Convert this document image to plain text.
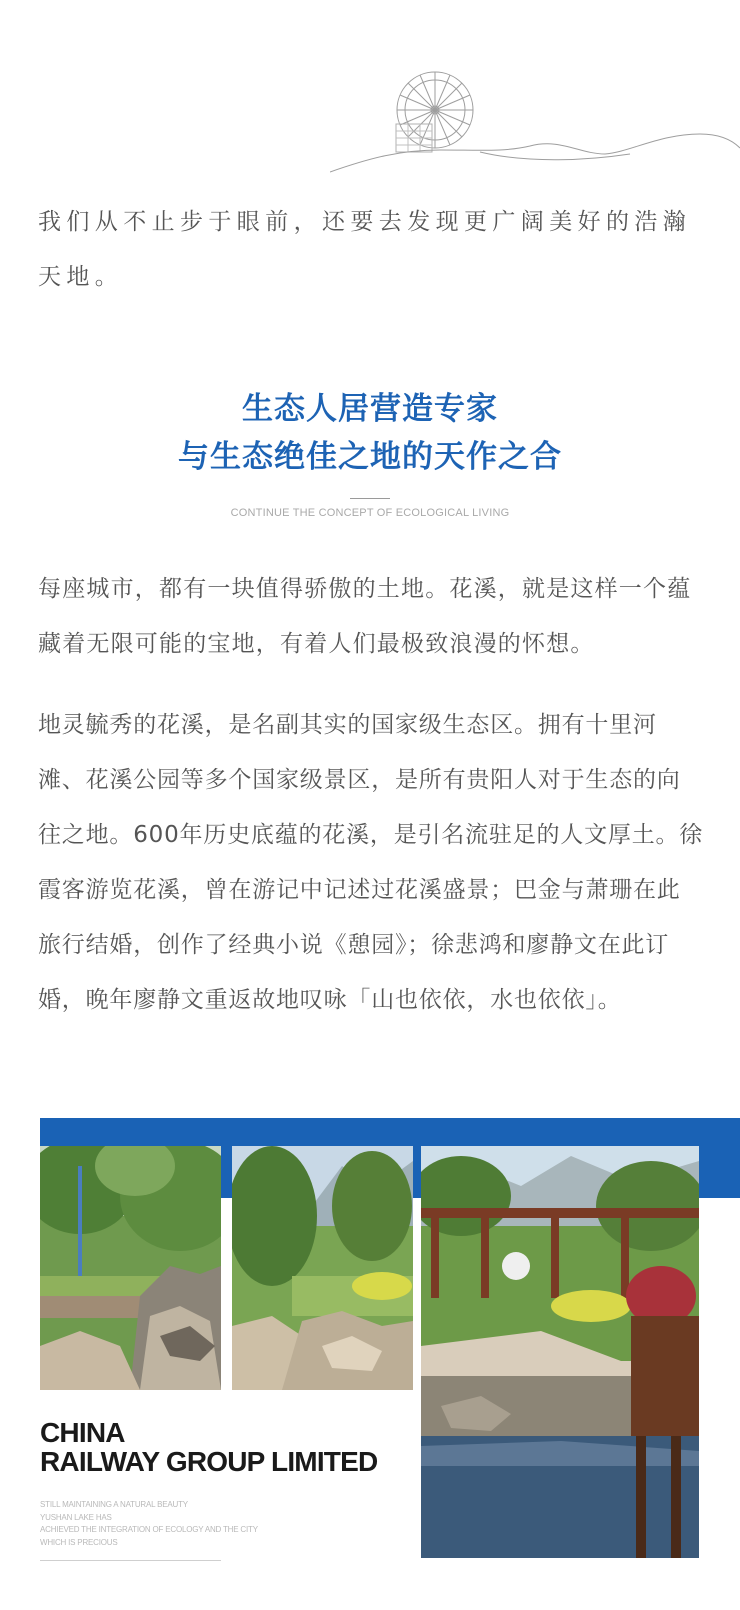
我们从不止步于眼前，还要去发现更广阔美好的浩瀚天地。
生态人居营造专家
与生态绝佳之地的天作之合
CONTINUE THE CONCEPT OF ECOLOGICAL LIVING
每座城市，都有一块值得骄傲的土地。花溪，就是这样一个蕴藏着无限可能的宝地，有着人们最极致浪漫的怀想。
地灵毓秀的花溪，是名副其实的国家级生态区。拥有十里河滩、花溪公园等多个国家级景区，是所有贵阳人对于生态的向往之地。600年历史底蕴的花溪，是引名流驻足的人文厚土。徐霞客游览花溪，曾在游记中记述过花溪盛景；巴金与萧珊在此旅行结婚，创作了经典小说《憩园》；徐悲鸿和廖静文在此订婚，晚年廖静文重返故地叹咏「山也依依，水也依依」。
CHINA
RAILWAY GROUP LIMITED
STILL MAINTAINING A NATURAL BEAUTY
YUSHAN LAKE HAS
ACHIEVED THE INTEGRATION OF ECOLOGY AND THE CITY
WHICH IS PRECIOUS
